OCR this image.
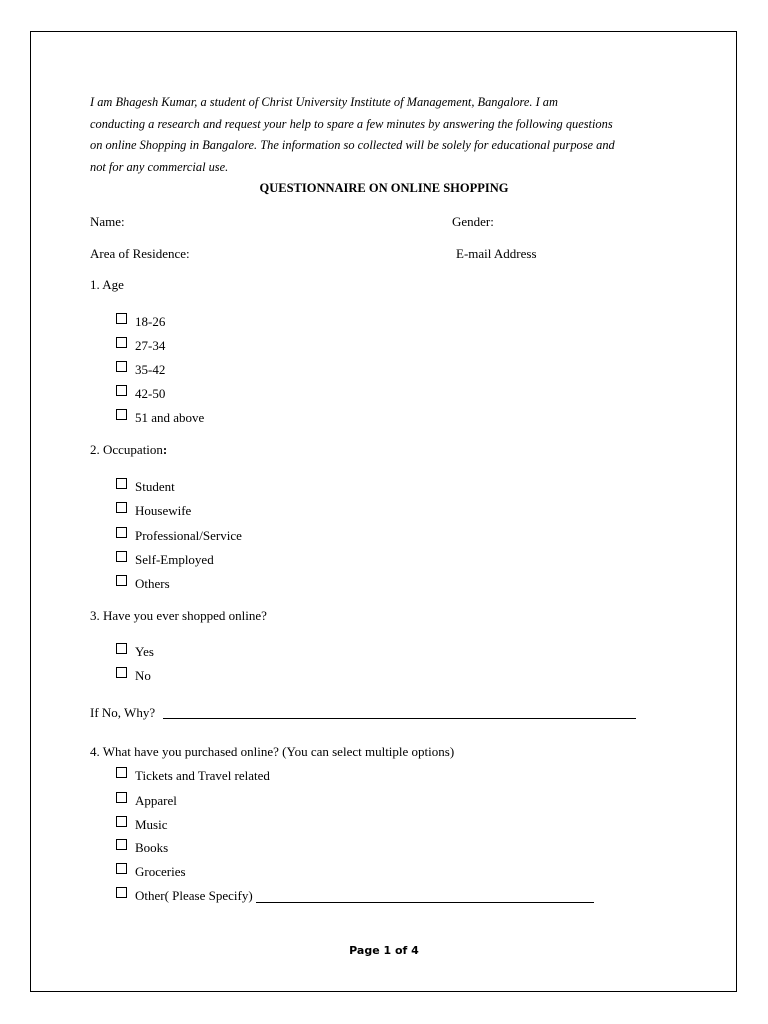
I am Bhagesh Kumar, a student of Christ University Institute of Management, Bangalore. I am
conducting a research and request your help to spare a few minutes by answering the following questions
on online Shopping in Bangalore. The information so collected will be solely for educational purpose and
not for any commercial use.
QUESTIONNAIRE ON ONLINE SHOPPING
Name:	Gender:
Area of Residence:	E-mail Address
1. Age
18-26
27-34
35-42
42-50
51 and above
2. Occupation:
Student
Housewife
Professional/Service
Self-Employed
Others
3. Have you ever shopped online?
Yes
No
If No, Why?
4. What have you purchased online? (You can select multiple options)
Tickets and Travel related
Apparel
Music
Books
Groceries
Other( Please Specify)
Page 1 of 4
